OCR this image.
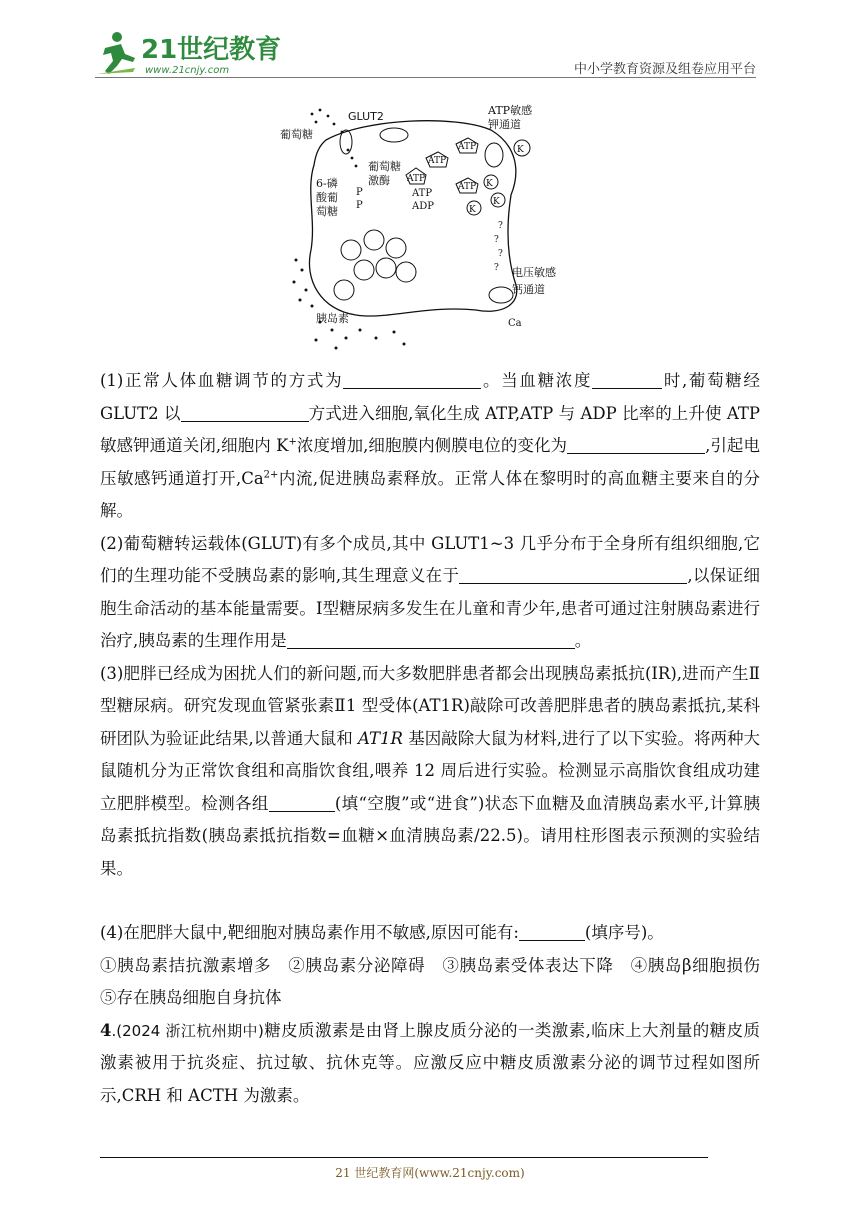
21世纪教育
www.21cnjy.com	中小学教育资源及组卷应用平台
葡萄糖
GLUT2
葡萄糖
激酶
6-磷
酸葡
萄糖
P
P
ATP
ATP
ATP
ATP
ATP
ADP
ATP敏感
钾通道
K
K
K
K
?
?
?
? 电压敏感
钙通道
Ca
胰岛素

(1)正常人体血糖调节的方式为	。当血糖浓度	时,葡萄糖经GLUT2 以	方式进入细胞,氧化生成 ATP,ATP 与 ADP 比率的上升使 ATP 敏感钾通道关闭,细胞内 K+浓度增加,细胞膜内侧膜电位的变化为	,引起电压敏感钙通道打开$,Ca^{2+}$内流,促进胰岛素释放。正常人体在黎明时的高血糖主要来自的分解。

(2)葡萄糖转运载体(GLUT)有多个成员,其中 GLUT1~3 几乎分布于全身所有组织细胞,它们的生理功能不受胰岛素的影响,其生理意义在于	,以保证细胞生命活动的基本能量需要。Ⅰ型糖尿病多发生在儿童和青少年,患者可通过注射胰岛素进行治疗,胰岛素的生理作用是	。

(3)肥胖已经成为困扰人们的新问题,而大多数肥胖患者都会出现胰岛素抵抗(IR),进而产生Ⅱ型糖尿病。研究发现血管紧张素Ⅱ1 型受体(AT1R)敲除可改善肥胖患者的胰岛素抵抗,某科研团队为验证此结果,以普通大鼠和 AT1R 基因敲除大鼠为材料,进行了以下实验。将两种大鼠随机分为正常饮食组和高脂饮食组,喂养 12 周后进行实验。检测显示高脂饮食组成功建立肥胖模型。检测各组	(填“空腹”或“进食”)状态下血糖及血清胰岛素水平,计算胰岛素抵抗指数(胰岛素抵抗指数=血糖×血清胰岛素/22.5)。请用柱形图表示预测的实验结果。

(4)在肥胖大鼠中,靶细胞对胰岛素作用不敏感,原因可能有:	(填序号)。

①胰岛素拮抗激素增多　②胰岛素分泌障碍　③胰岛素受体表达下降　④胰岛β细胞损伤　⑤存在胰岛细胞自身抗体

4.(2024 浙江杭州期中)糖皮质激素是由肾上腺皮质分泌的一类激素,临床上大剂量的糖皮质激素被用于抗炎症、抗过敏、抗休克等。应激反应中糖皮质激素分泌的调节过程如图所示,CRH 和 ACTH 为激素。

21 世纪教育网(www.21cnjy.com)
